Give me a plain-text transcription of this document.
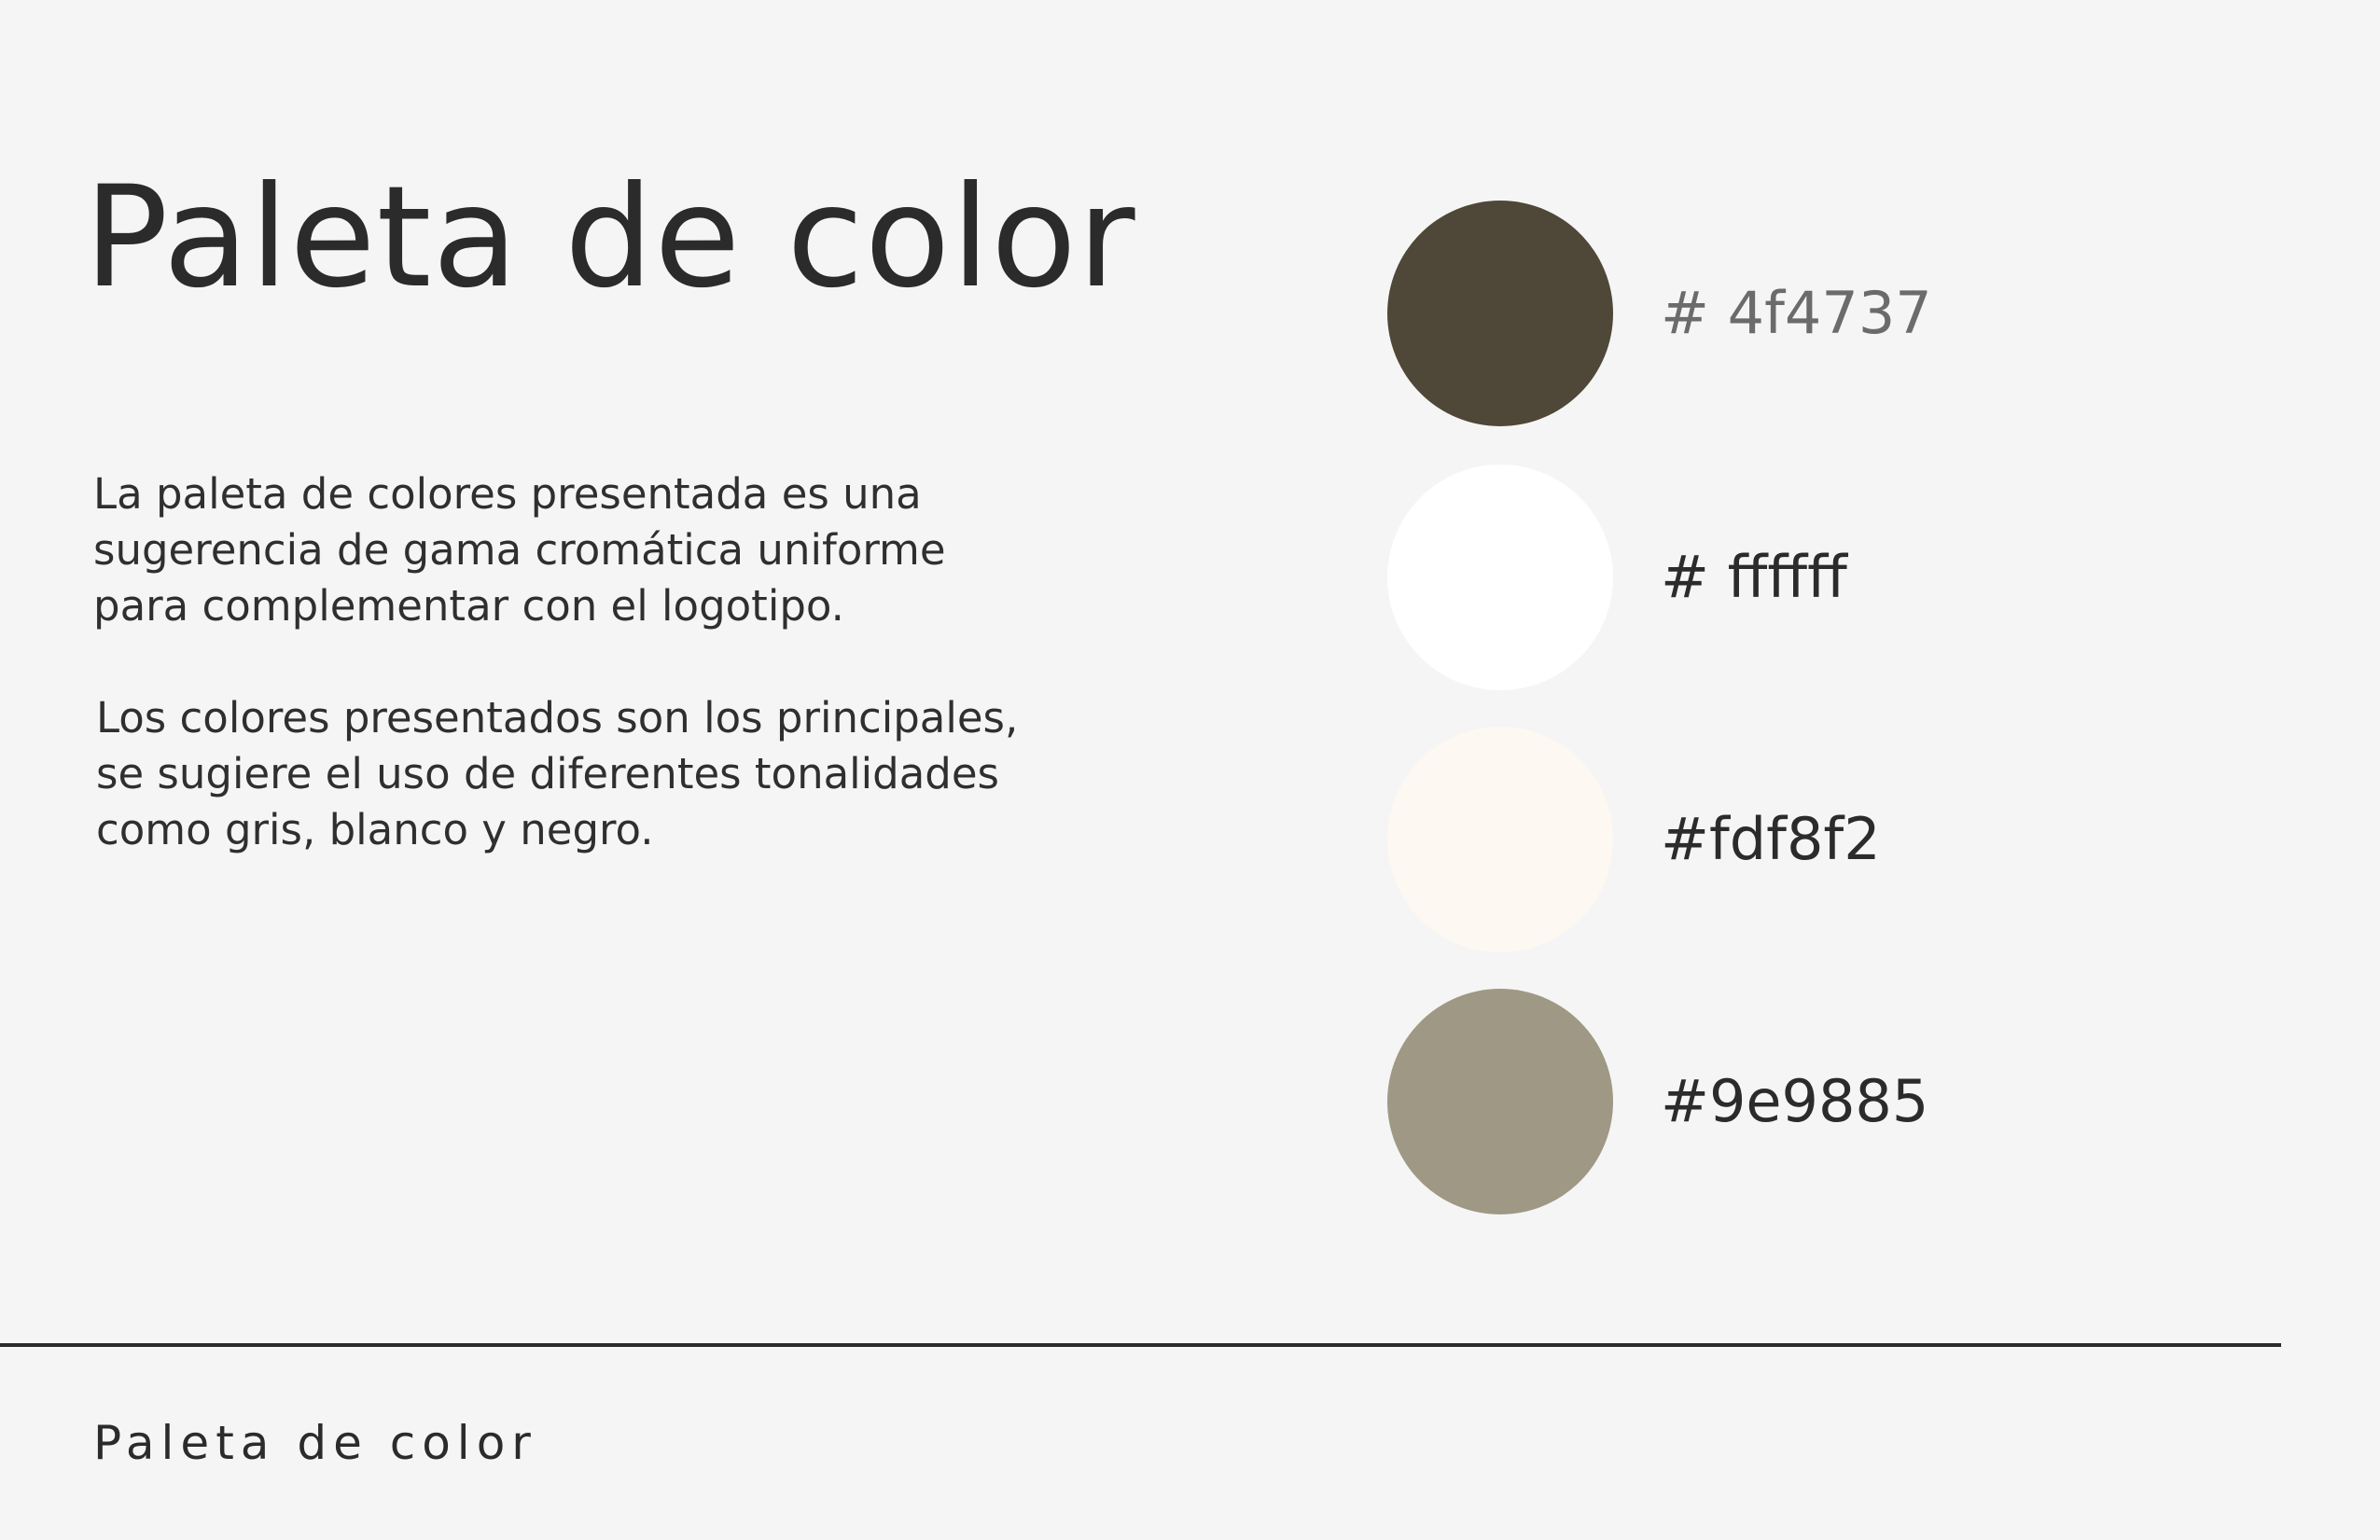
Paleta de color

La paleta de colores presentada es una
sugerencia de gama cromática uniforme
para complementar con el logotipo.

Los colores presentados son los principales,
se sugiere el uso de diferentes tonalidades
como gris, blanco y negro.

# 4f4737
# ffffff
#fdf8f2
#9e9885
Paleta de color
